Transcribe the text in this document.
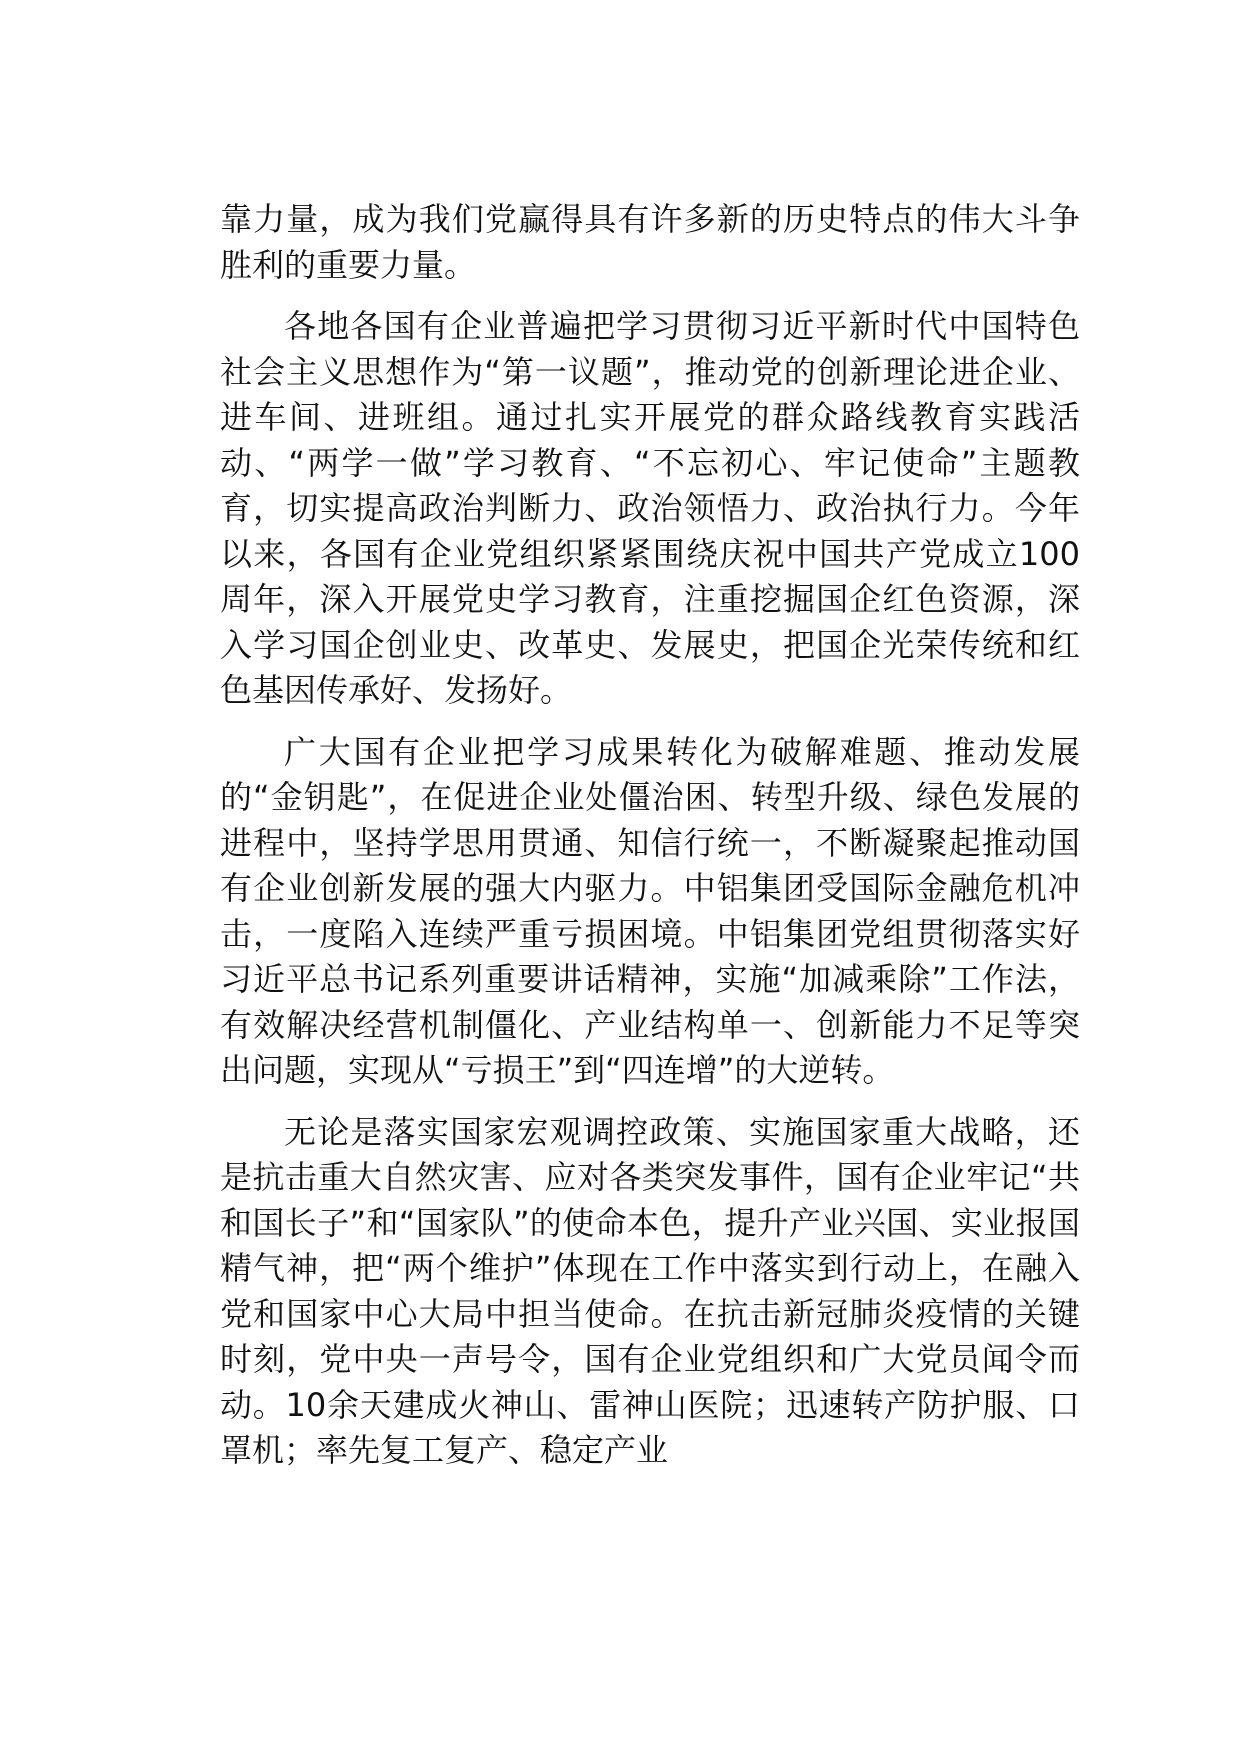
靠力量，成为我们党赢得具有许多新的历史特点的伟大斗争胜利的重要力量。

各地各国有企业普遍把学习贯彻习近平新时代中国特色社会主义思想作为“第一议题”，推动党的创新理论进企业、进车间、进班组。通过扎实开展党的群众路线教育实践活动、“两学一做”学习教育、“不忘初心、牢记使命”主题教育，切实提高政治判断力、政治领悟力、政治执行力。今年以来，各国有企业党组织紧紧围绕庆祝中国共产党成立100周年，深入开展党史学习教育，注重挖掘国企红色资源，深入学习国企创业史、改革史、发展史，把国企光荣传统和红色基因传承好、发扬好。

广大国有企业把学习成果转化为破解难题、推动发展的“金钥匙”，在促进企业处僵治困、转型升级、绿色发展的进程中，坚持学思用贯通、知信行统一，不断凝聚起推动国有企业创新发展的强大内驱力。中铝集团受国际金融危机冲击，一度陷入连续严重亏损困境。中铝集团党组贯彻落实好习近平总书记系列重要讲话精神，实施“加减乘除”工作法，有效解决经营机制僵化、产业结构单一、创新能力不足等突出问题，实现从“亏损王”到“四连增”的大逆转。

无论是落实国家宏观调控政策、实施国家重大战略，还是抗击重大自然灾害、应对各类突发事件，国有企业牢记“共和国长子”和“国家队”的使命本色，提升产业兴国、实业报国精气神，把“两个维护”体现在工作中落实到行动上，在融入党和国家中心大局中担当使命。在抗击新冠肺炎疫情的关键时刻，党中央一声号令，国有企业党组织和广大党员闻令而动。10余天建成火神山、雷神山医院；迅速转产防护服、口罩机；率先复工复产、稳定产业
